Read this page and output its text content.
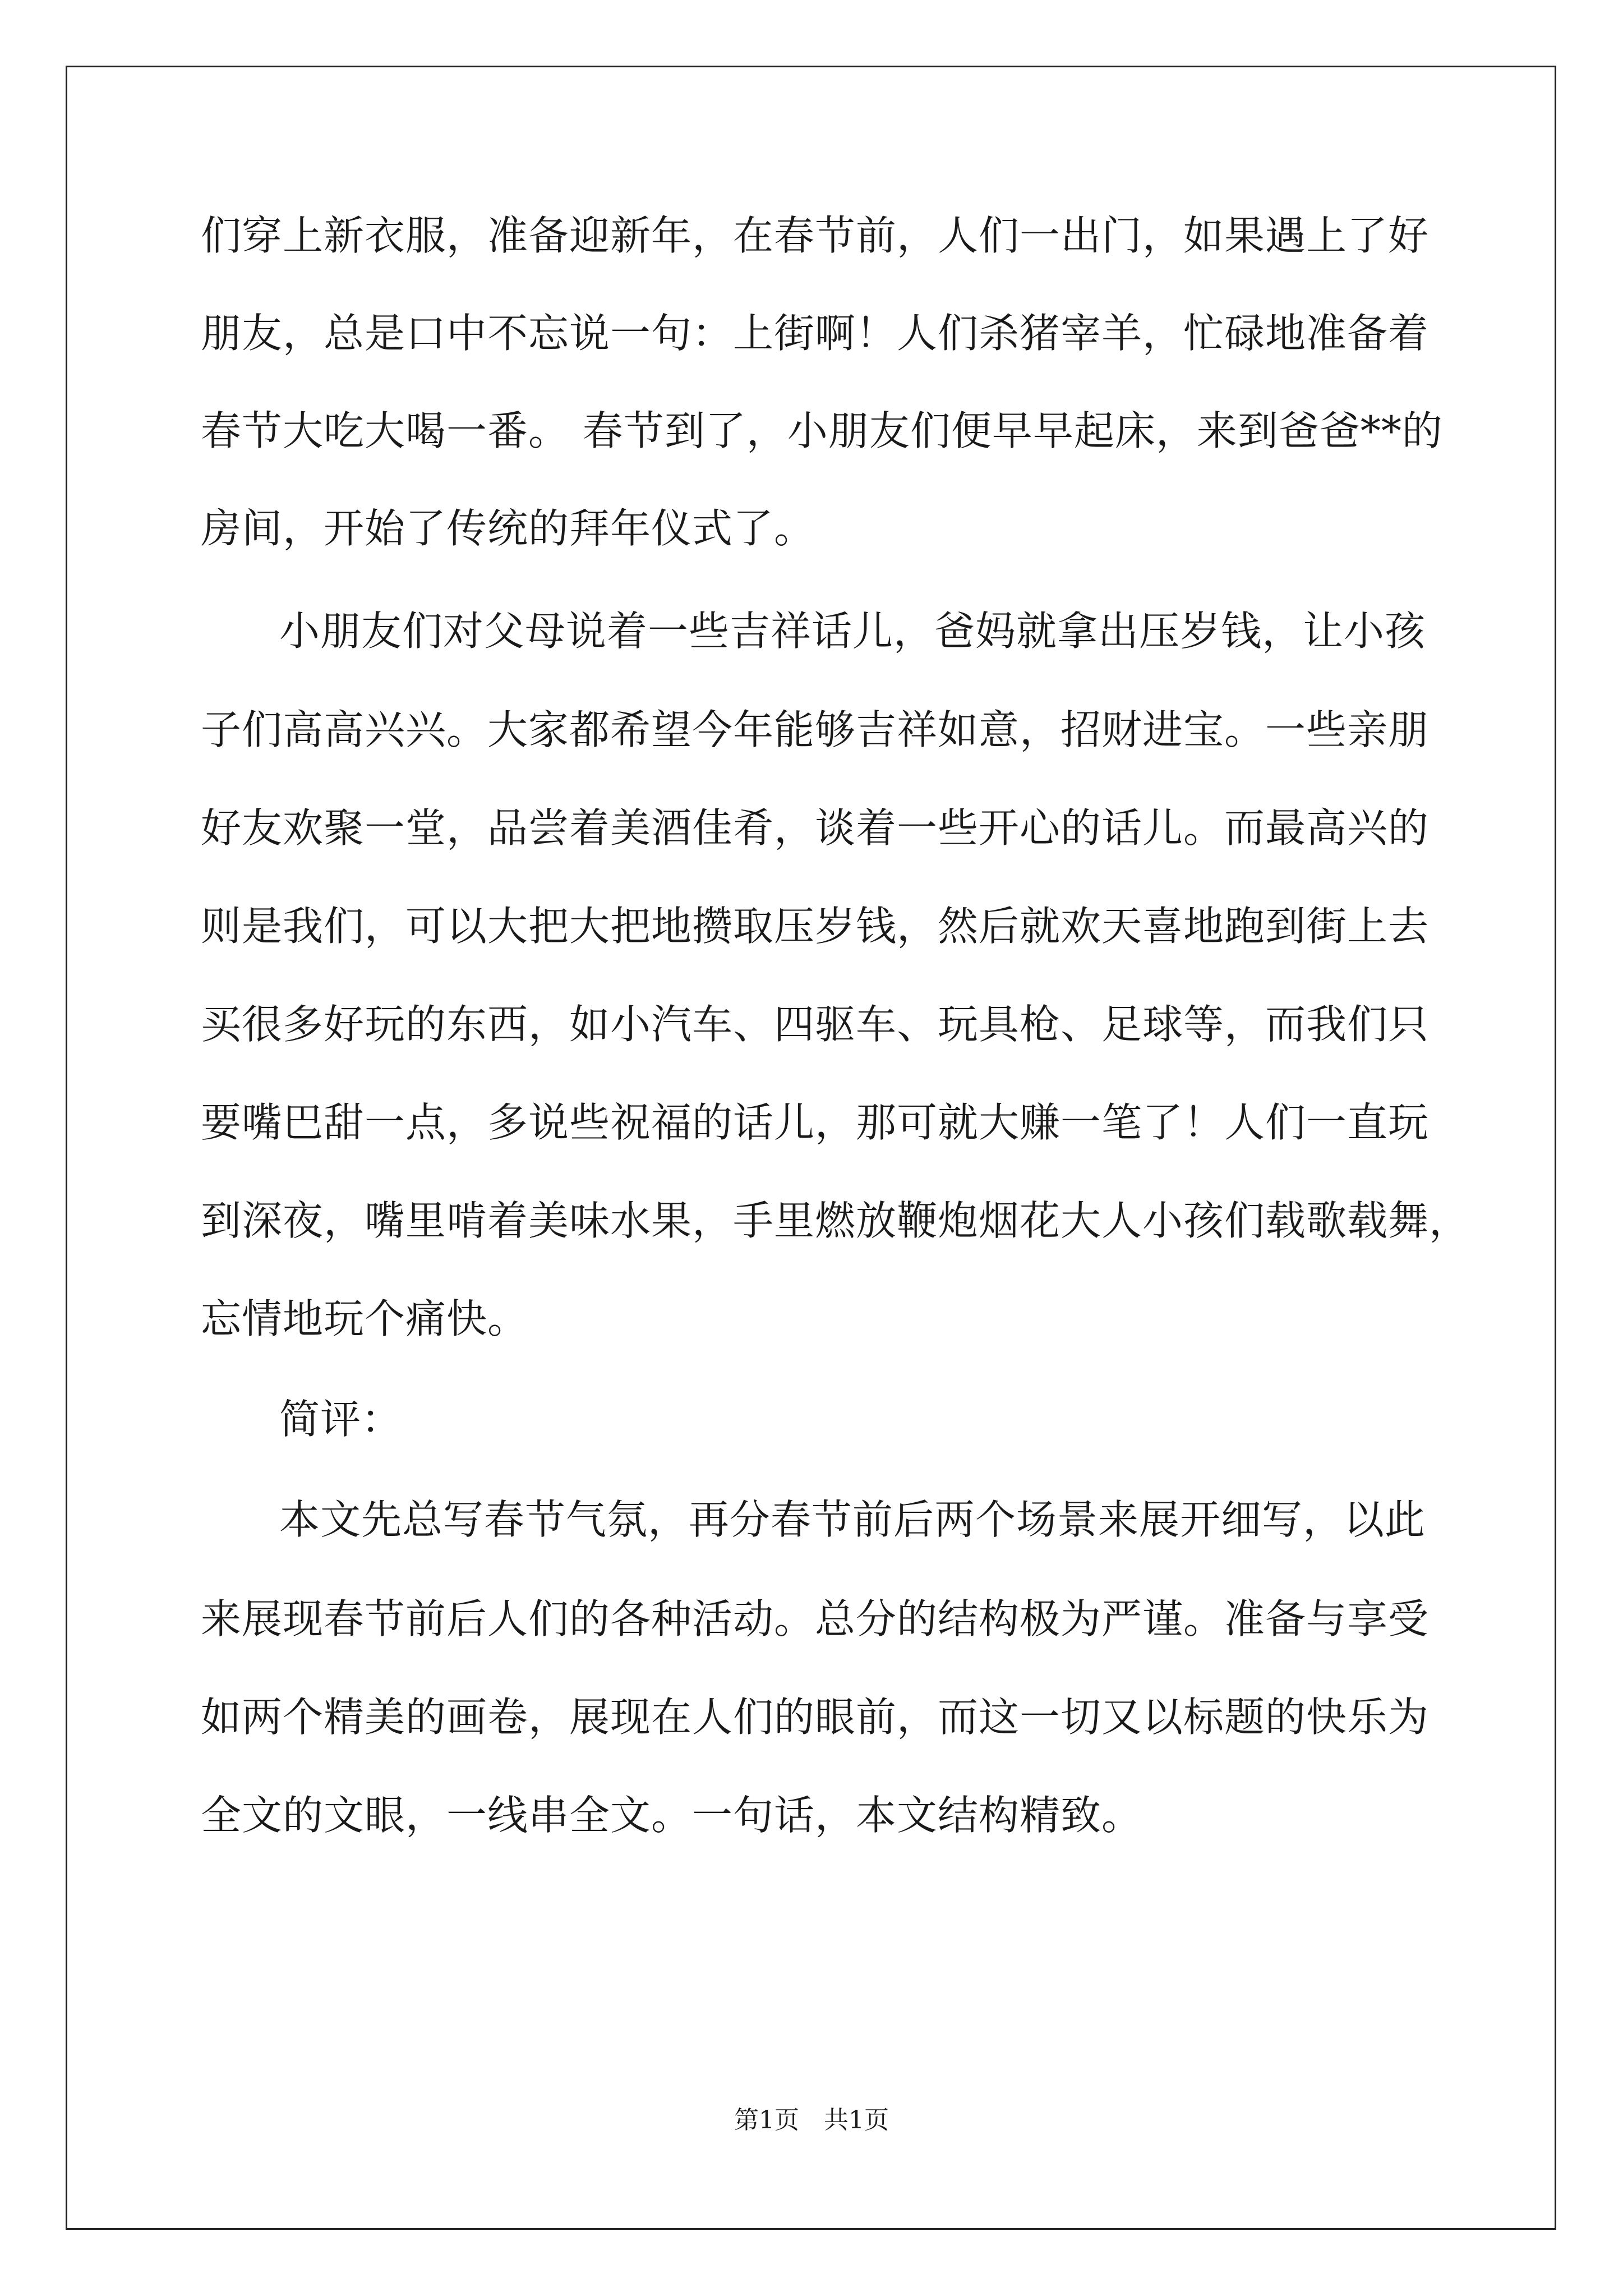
们穿上新衣服，准备迎新年，在春节前，人们一出门，如果遇上了好
朋友，总是口中不忘说一句：上街啊！人们杀猪宰羊，忙碌地准备着
春节大吃大喝一番。 春节到了，小朋友们便早早起床，来到爸爸**的
房间，开始了传统的拜年仪式了。
小朋友们对父母说着一些吉祥话儿，爸妈就拿出压岁钱，让小孩
子们高高兴兴。大家都希望今年能够吉祥如意，招财进宝。一些亲朋
好友欢聚一堂，品尝着美酒佳肴，谈着一些开心的话儿。而最高兴的
则是我们，可以大把大把地攒取压岁钱，然后就欢天喜地跑到街上去
买很多好玩的东西，如小汽车、四驱车、玩具枪、足球等，而我们只
要嘴巴甜一点，多说些祝福的话儿，那可就大赚一笔了！人们一直玩
到深夜，嘴里啃着美味水果，手里燃放鞭炮烟花大人小孩们载歌载舞，
忘情地玩个痛快。
简评：
本文先总写春节气氛，再分春节前后两个场景来展开细写，以此
来展现春节前后人们的各种活动。总分的结构极为严谨。准备与享受
如两个精美的画卷，展现在人们的眼前，而这一切又以标题的快乐为
全文的文眼，一线串全文。一句话，本文结构精致。
第1页　共1页
